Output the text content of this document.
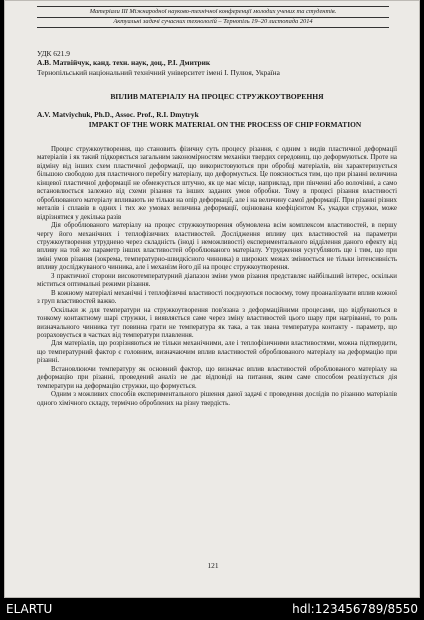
Матеріали ІІІ Міжнародної науково-технічної конференції молодих учених та студентів.
Актуальні задачі сучасних технологій – Тернопіль 19–20 листопада 2014
УДК 621.9
А.В. Матвійчук, канд. техн. наук, доц., Р.І. Дмитрик
Тернопільський національний технічний університет імені І. Пулюя, Україна
ВПЛИВ МАТЕРІАЛУ НА ПРОЦЕС СТРУЖКОУТВОРЕННЯ
A.V. Matviychuk, Ph.D., Assoc. Prof., R.I. Dmytryk
IMPAKT OF THE WORK MATERIAL ON THE PROCESS OF CHIP FORMATION

Процес стружкоутворення, що становить фізичну суть процесу різання, є одним з видів пластичної деформації матеріалів і як такий підкоряється загальним закономірностям механіки твердих середовищ, що деформуються. Проте на відміну від інших схем пластичної деформації, що використовуються при обробці матеріалів, він характеризується більшою свободою для пластичного перебігу матеріалу, що деформується. Це пояснюється тим, що при різанні величина кінцевої пластичної деформації не обмежується штучно, як це має місце, наприклад, при пінченні або волочінні, а само встановлюється залежно від схеми різання та інших заданих умов обробки. Тому в процесі різання властивості оброблюваного матеріалу впливають не тільки на опір деформації, але і на величину самої деформації. При різанні різних металів і сплавів в одних і тих же умовах величина деформації, оцінювана коефіцієнтом Kₛ укадки стружки, може відрізнятися у декілька разів

Дія оброблюваного матеріалу на процес стружкоутворення обумовлена всім комплексом властивостей, в першу чергу його механічних і теплофізичних властивостей. Дослідження впливу цих властивостей на параметри стружкоутворення утруднено через складність (іноді і неможливості) експериментального відділення даного ефекту від впливу на той же параметр інших властивостей оброблюваного матеріалу. Утрудження усугубляють ще і тим, що при зміні умов різання (зокрема, температурно-швидкісного чинника) в широких межах змінюється не тільки інтенсивність впливу досліджуваного чинника, але і механізм його дії на процес стружкоутворення.

З практичної сторони високотемпературний діапазон зміни умов різання представляє найбільший інтерес, оскільки міститься оптимальні режими різання.

В кожному матеріалі механічні і теплофізичні властивості поєднуються посвоєму, тому проаналізувати вплив кожної з груп властивостей важко.

Оскільки ж для температури на стружкоутворення пов'язана з деформаційними процесами, що відбуваються в тонкому контактному шарі стружки, і виявляється саме через зміну властивостей цього шару при нагріванні, то роль визначального чинника тут повинна грати не температура як така, а так звана температура контакту - параметр, що розраховується в частках від температури плавлення.

Для матеріалів, що розрізняються не тільки механічними, але і теплофізичними властивостями, можна підтвердити, що температурний фактор є головним, визначаючим вплив властивостей оброблюваного матеріалу на деформацію при різанні.

Встановлюючи температуру як основний фактор, що визначає вплив властивостей оброблюваного матеріалу на деформацію при різанні, проведений аналіз не дає відповіді на питання, яким саме способом реалізується дія температури на деформацію стружки, що формується.

Одним з можливих способів експериментального рішення даної задачі є проведення дослідів по різанню матеріалів одного хімічного складу, термічно оброблених на різну твердість.

121
ELARTU	hdl:123456789/8550
